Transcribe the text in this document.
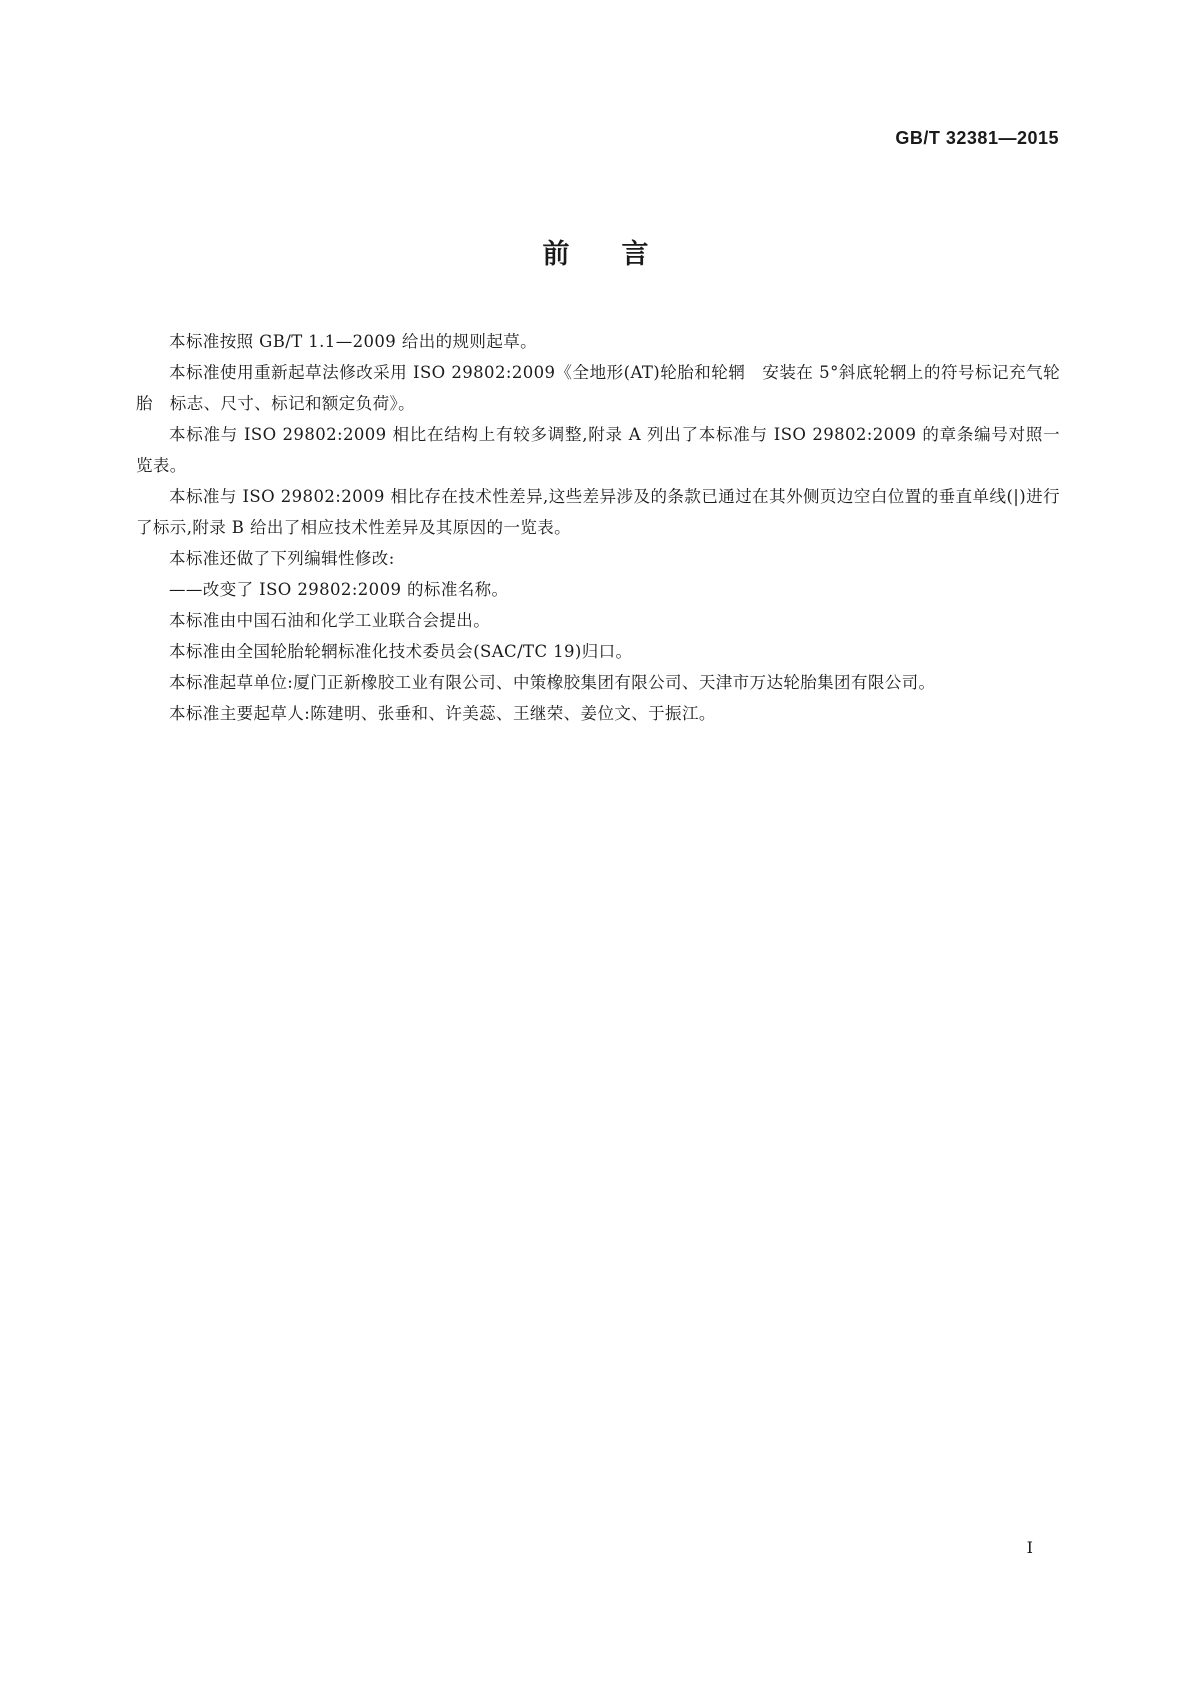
GB/T 32381—2015
前言

本标准按照 GB/T 1.1—2009 给出的规则起草。

本标准使用重新起草法修改采用 ISO 29802:2009《全地形(AT)轮胎和轮辋　安装在 5°斜底轮辋上的符号标记充气轮胎　标志、尺寸、标记和额定负荷》。

本标准与 ISO 29802:2009 相比在结构上有较多调整,附录 A 列出了本标准与 ISO 29802:2009 的章条编号对照一览表。

本标准与 ISO 29802:2009 相比存在技术性差异,这些差异涉及的条款已通过在其外侧页边空白位置的垂直单线(|)进行了标示,附录 B 给出了相应技术性差异及其原因的一览表。

本标准还做了下列编辑性修改:

——改变了 ISO 29802:2009 的标准名称。

本标准由中国石油和化学工业联合会提出。

本标准由全国轮胎轮辋标准化技术委员会(SAC/TC 19)归口。

本标准起草单位:厦门正新橡胶工业有限公司、中策橡胶集团有限公司、天津市万达轮胎集团有限公司。

本标准主要起草人:陈建明、张垂和、许美蕊、王继荣、姜位文、于振江。

I
